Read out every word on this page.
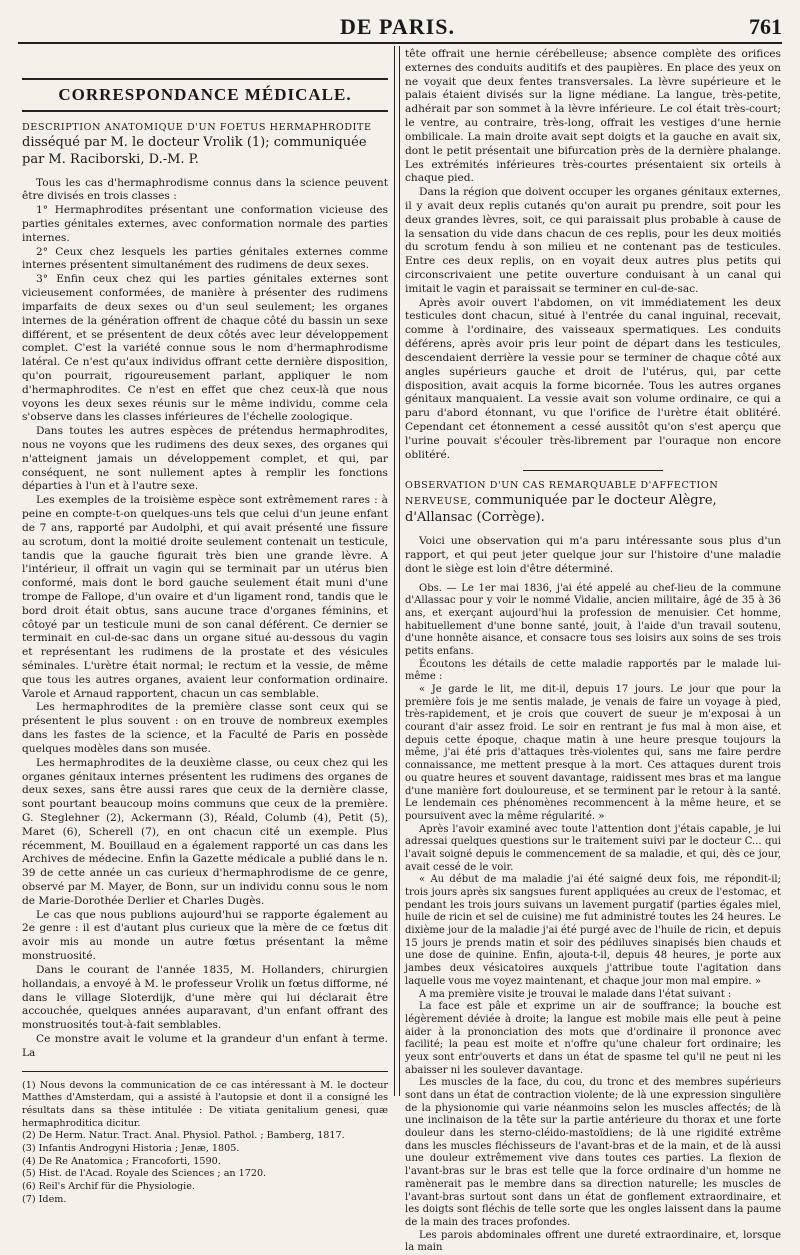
DE PARIS.	761
CORRESPONDANCE MÉDICALE.
DESCRIPTION ANATOMIQUE D'UN FOETUS HERMAPHRODITE
disséqué par M. le docteur Vrolik (1); communiquée
par M. Raciborski, D.-M. P.

Tous les cas d'hermaphrodisme connus dans la science peuvent être divisés en trois classes :

1° Hermaphrodites présentant une conformation vicieuse des parties génitales externes, avec conformation normale des parties internes.

2° Ceux chez lesquels les parties génitales externes comme internes présentent simultanément des rudimens de deux sexes.

3° Enfin ceux chez qui les parties génitales externes sont vicieusement conformées, de manière à présenter des rudimens imparfaits de deux sexes ou d'un seul seulement; les organes internes de la génération offrent de chaque côté du bassin un sexe différent, et se présentent de deux côtés avec leur développement complet. C'est la variété connue sous le nom d'hermaphrodisme latéral. Ce n'est qu'aux individus offrant cette dernière disposition, qu'on pourrait, rigoureusement parlant, appliquer le nom d'hermaphrodites. Ce n'est en effet que chez ceux-là que nous voyons les deux sexes réunis sur le même individu, comme cela s'observe dans les classes inférieures de l'échelle zoologique.

Dans toutes les autres espèces de prétendus hermaphrodites, nous ne voyons que les rudimens des deux sexes, des organes qui n'atteignent jamais un développement complet, et qui, par conséquent, ne sont nullement aptes à remplir les fonctions départies à l'un et à l'autre sexe.

Les exemples de la troisième espèce sont extrêmement rares : à peine en compte-t-on quelques-uns tels que celui d'un jeune enfant de 7 ans, rapporté par Audolphi, et qui avait présenté une fissure au scrotum, dont la moitié droite seulement contenait un testicule, tandis que la gauche figurait très bien une grande lèvre. A l'intérieur, il offrait un vagin qui se terminait par un utérus bien conformé, mais dont le bord gauche seulement était muni d'une trompe de Fallope, d'un ovaire et d'un ligament rond, tandis que le bord droit était obtus, sans aucune trace d'organes féminins, et côtoyé par un testicule muni de son canal déférent. Ce dernier se terminait en cul-de-sac dans un organe situé au-dessous du vagin et représentant les rudimens de la prostate et des vésicules séminales. L'urètre était normal; le rectum et la vessie, de même que tous les autres organes, avaient leur conformation ordinaire. Varole et Arnaud rapportent, chacun un cas semblable.

Les hermaphrodites de la première classe sont ceux qui se présentent le plus souvent : on en trouve de nombreux exemples dans les fastes de la science, et la Faculté de Paris en possède quelques modèles dans son musée.

Les hermaphrodites de la deuxième classe, ou ceux chez qui les organes génitaux internes présentent les rudimens des organes de deux sexes, sans être aussi rares que ceux de la dernière classe, sont pourtant beaucoup moins communs que ceux de la première. G. Steglehner (2), Ackermann (3), Réald, Columb (4), Petit (5), Maret (6), Scherell (7), en ont chacun cité un exemple. Plus récemment, M. Bouillaud en a également rapporté un cas dans les Archives de médecine. Enfin la Gazette médicale a publié dans le n. 39 de cette année un cas curieux d'hermaphrodisme de ce genre, observé par M. Mayer, de Bonn, sur un individu connu sous le nom de Marie-Dorothée Derlier et Charles Dugès.

Le cas que nous publions aujourd'hui se rapporte également au 2e genre : il est d'autant plus curieux que la mère de ce fœtus dit avoir mis au monde un autre fœtus présentant la même monstruosité.

Dans le courant de l'année 1835, M. Hollanders, chirurgien hollandais, a envoyé à M. le professeur Vrolik un fœtus difforme, né dans le village Sloterdijk, d'une mère qui lui déclarait être accouchée, quelques années auparavant, d'un enfant offrant des monstruosités tout-à-fait semblables.

Ce monstre avait le volume et la grandeur d'un enfant à terme. La

(1) Nous devons la communication de ce cas intéressant à M. le docteur Matthes d'Amsterdam, qui a assisté à l'autopsie et dont il a consigné les résultats dans sa thèse intitulée : De vitiata genitalium genesi, quæ hermaphroditica dicitur.
(2) De Herm. Natur. Tract. Anal. Physiol. Pathol. ; Bamberg, 1817.
(3) Infantis Androgyni Historia ; Jenæ, 1805.
(4) De Re Anatomica ; Francoforti, 1590.
(5) Hist. de l'Acad. Royale des Sciences ; an 1720.
(6) Reil's Archif für die Physiologie.
(7) Idem.

tête offrait une hernie cérébelleuse; absence complète des orifices externes des conduits auditifs et des paupières. En place des yeux on ne voyait que deux fentes transversales. La lèvre supérieure et le palais étaient divisés sur la ligne médiane. La langue, très-petite, adhérait par son sommet à la lèvre inférieure. Le col était très-court; le ventre, au contraire, très-long, offrait les vestiges d'une hernie ombilicale. La main droite avait sept doigts et la gauche en avait six, dont le petit présentait une bifurcation près de la dernière phalange. Les extrémités inférieures très-courtes présentaient six orteils à chaque pied.

Dans la région que doivent occuper les organes génitaux externes, il y avait deux replis cutanés qu'on aurait pu prendre, soit pour les deux grandes lèvres, soit, ce qui paraissait plus probable à cause de la sensation du vide dans chacun de ces replis, pour les deux moitiés du scrotum fendu à son milieu et ne contenant pas de testicules. Entre ces deux replis, on en voyait deux autres plus petits qui circonscrivaient une petite ouverture conduisant à un canal qui imitait le vagin et paraissait se terminer en cul-de-sac.

Après avoir ouvert l'abdomen, on vit immédiatement les deux testicules dont chacun, situé à l'entrée du canal inguinal, recevait, comme à l'ordinaire, des vaisseaux spermatiques. Les conduits déférens, après avoir pris leur point de départ dans les testicules, descendaient derrière la vessie pour se terminer de chaque côté aux angles supérieurs gauche et droit de l'utérus, qui, par cette disposition, avait acquis la forme bicornée. Tous les autres organes génitaux manquaient. La vessie avait son volume ordinaire, ce qui a paru d'abord étonnant, vu que l'orifice de l'urètre était oblitéré. Cependant cet étonnement a cessé aussitôt qu'on s'est aperçu que l'urine pouvait s'écouler très-librement par l'ouraque non encore oblitéré.

OBSERVATION D'UN CAS REMARQUABLE D'AFFECTION NERVEUSE, communiquée par le docteur Alègre, d'Allansac (Corrège).

Voici une observation qui m'a paru intéressante sous plus d'un rapport, et qui peut jeter quelque jour sur l'histoire d'une maladie dont le siège est loin d'être déterminé.

Obs. — Le 1er mai 1836, j'ai été appelé au chef-lieu de la commune d'Allassac pour y voir le nommé Vidalie, ancien militaire, âgé de 35 à 36 ans, et exerçant aujourd'hui la profession de menuisier. Cet homme, habituellement d'une bonne santé, jouit, à l'aide d'un travail soutenu, d'une honnête aisance, et consacre tous ses loisirs aux soins de ses trois petits enfans.

Écoutons les détails de cette maladie rapportés par le malade lui-même :

« Je garde le lit, me dit-il, depuis 17 jours. Le jour que pour la première fois je me sentis malade, je venais de faire un voyage à pied, très-rapidement, et je crois que couvert de sueur je m'exposai à un courant d'air assez froid. Le soir en rentrant je fus mal à mon aise, et depuis cette époque, chaque matin à une heure presque toujours la même, j'ai été pris d'attaques très-violentes qui, sans me faire perdre connaissance, me mettent presque à la mort. Ces attaques durent trois ou quatre heures et souvent davantage, raidissent mes bras et ma langue d'une manière fort douloureuse, et se terminent par le retour à la santé. Le lendemain ces phénomènes recommencent à la même heure, et se poursuivent avec la même régularité. »

Après l'avoir examiné avec toute l'attention dont j'étais capable, je lui adressai quelques questions sur le traitement suivi par le docteur C... qui l'avait soigné depuis le commencement de sa maladie, et qui, dès ce jour, avait cessé de le voir.

« Au début de ma maladie j'ai été saigné deux fois, me répondit-il; trois jours après six sangsues furent appliquées au creux de l'estomac, et pendant les trois jours suivans un lavement purgatif (parties égales miel, huile de ricin et sel de cuisine) me fut administré toutes les 24 heures. Le dixième jour de la maladie j'ai été purgé avec de l'huile de ricin, et depuis 15 jours je prends matin et soir des pédiluves sinapisés bien chauds et une dose de quinine. Enfin, ajouta-t-il, depuis 48 heures, je porte aux jambes deux vésicatoires auxquels j'attribue toute l'agitation dans laquelle vous me voyez maintenant, et chaque jour mon mal empire. »

A ma première visite je trouvai le malade dans l'état suivant :

La face est pâle et exprime un air de souffrance; la bouche est légèrement déviée à droite; la langue est mobile mais elle peut à peine aider à la prononciation des mots que d'ordinaire il prononce avec facilité; la peau est moite et n'offre qu'une chaleur fort ordinaire; les yeux sont entr'ouverts et dans un état de spasme tel qu'il ne peut ni les abaisser ni les soulever davantage.

Les muscles de la face, du cou, du tronc et des membres supérieurs sont dans un état de contraction violente; de là une expression singulière de la physionomie qui varie néanmoins selon les muscles affectés; de là une inclinaison de la tête sur la partie antérieure du thorax et une forte douleur dans les sterno-cléido-mastoïdiens; de là une rigidité extrême dans les muscles fléchisseurs de l'avant-bras et de la main, et de là aussi une douleur extrêmement vive dans toutes ces parties. La flexion de l'avant-bras sur le bras est telle que la force ordinaire d'un homme ne ramènerait pas le membre dans sa direction naturelle; les muscles de l'avant-bras surtout sont dans un état de gonflement extraordinaire, et les doigts sont fléchis de telle sorte que les ongles laissent dans la paume de la main des traces profondes.

Les parois abdominales offrent une dureté extraordinaire, et, lorsque la main
